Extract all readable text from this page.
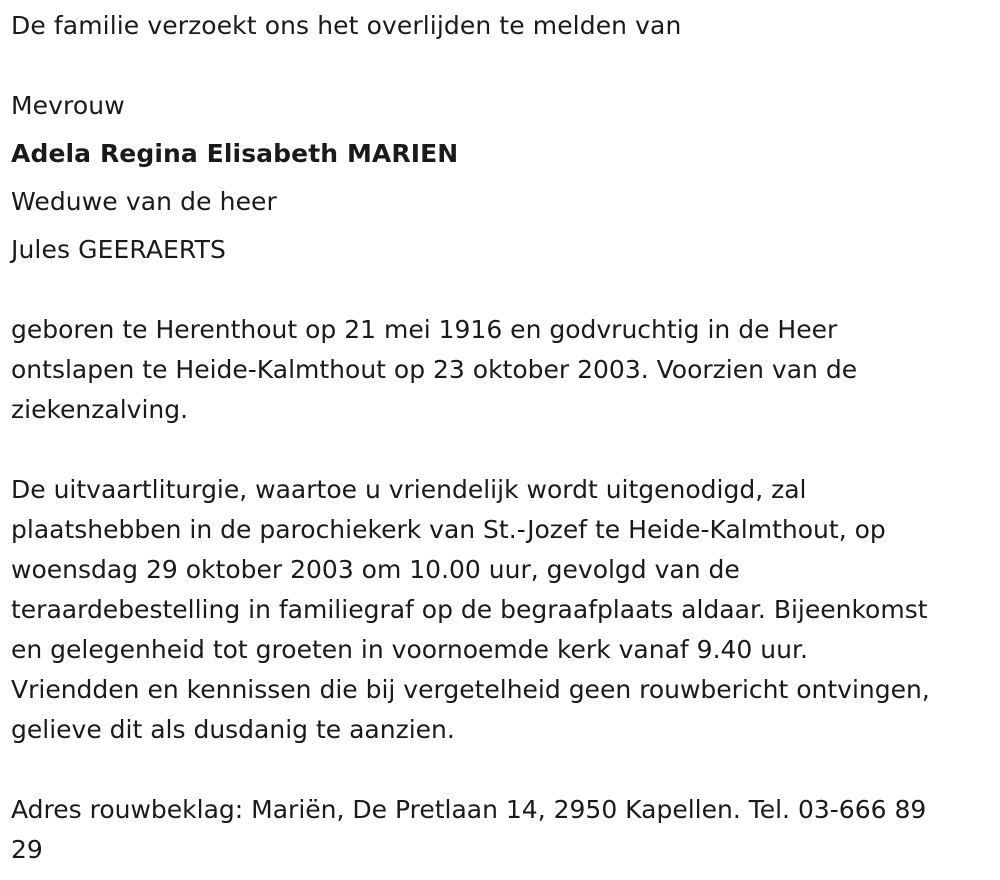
De familie verzoekt ons het overlijden te melden van
Mevrouw
Adela Regina Elisabeth MARIEN
Weduwe van de heer
Jules GEERAERTS
geboren te Herenthout op 21 mei 1916 en godvruchtig in de Heer
ontslapen te Heide-Kalmthout op 23 oktober 2003. Voorzien van de
ziekenzalving.
De uitvaartliturgie, waartoe u vriendelijk wordt uitgenodigd, zal
plaatshebben in de parochiekerk van St.-Jozef te Heide-Kalmthout, op
woensdag 29 oktober 2003 om 10.00 uur, gevolgd van de
teraardebestelling in familiegraf op de begraafplaats aldaar. Bijeenkomst
en gelegenheid tot groeten in voornoemde kerk vanaf 9.40 uur.
Vriendden en kennissen die bij vergetelheid geen rouwbericht ontvingen,
gelieve dit als dusdanig te aanzien.
Adres rouwbeklag: Mariën, De Pretlaan 14, 2950 Kapellen. Tel. 03-666 89
29
